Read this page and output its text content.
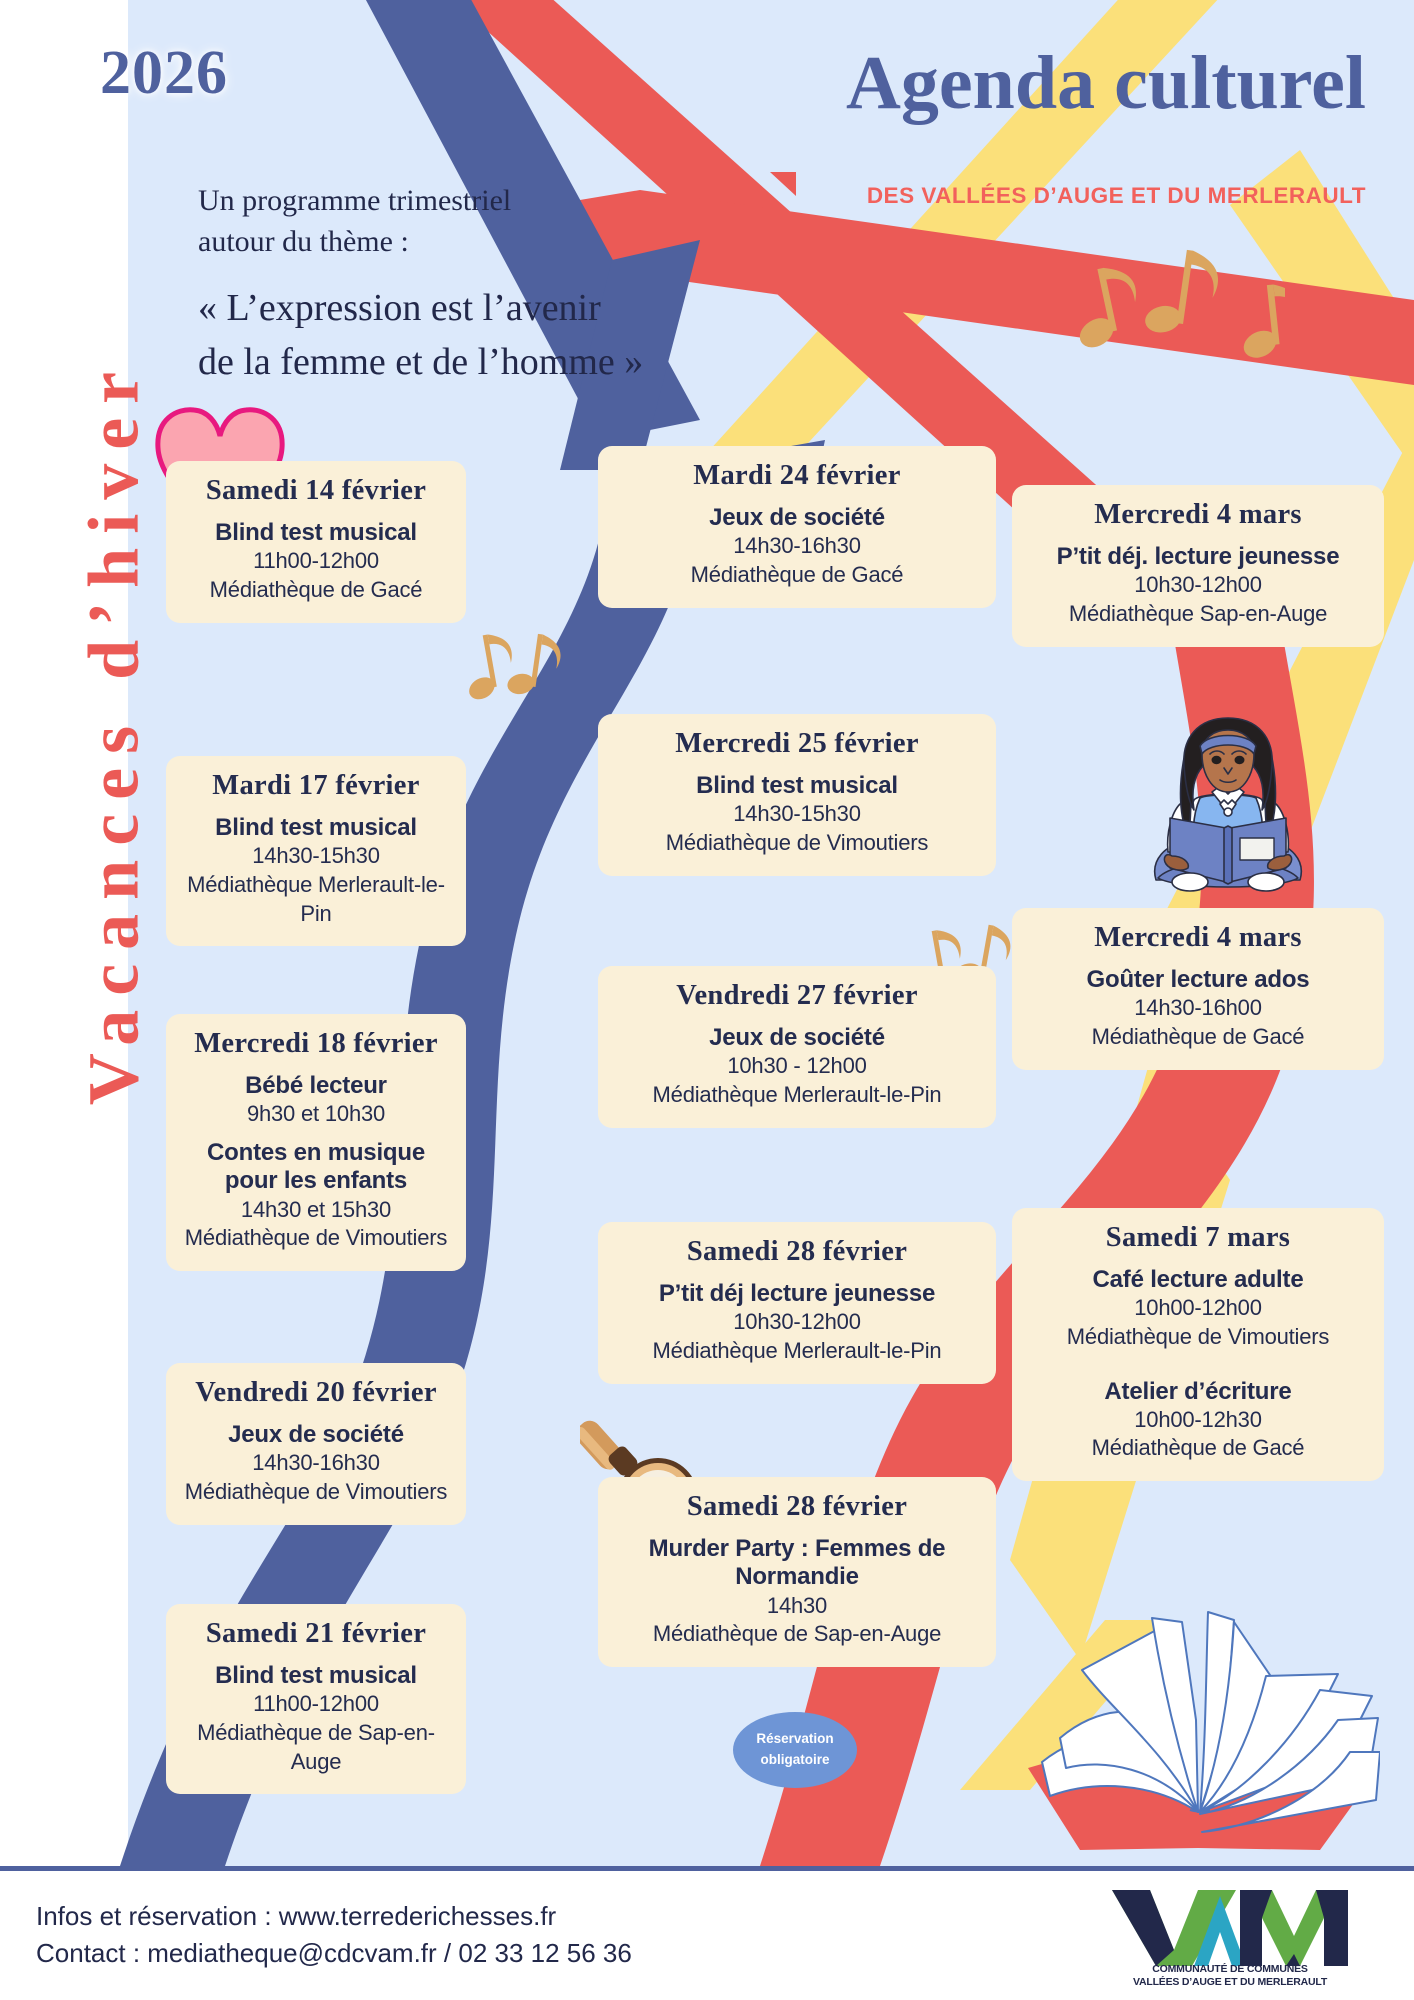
2026	Agenda culturel
DES VALLÉES D’AUGE ET DU MERLERAULT
Un programme trimestriel
autour du thème :
« L’expression est l’avenir
de la femme et de l’homme »
Vacances d’hiver	Samedi 14 février
Blind test musical
11h00-12h00
Médiathèque de Gacé
Mardi 17 février
Blind test musical
14h30-15h30
Médiathèque Merlerault-le-Pin
Mercredi 18 février
Bébé lecteur
9h30 et 10h30
Contes en musique pour les enfants
14h30 et 15h30
Médiathèque de Vimoutiers
Vendredi 20 février
Jeux de société
14h30-16h30
Médiathèque de Vimoutiers
Samedi 21 février
Blind test musical
11h00-12h00
Médiathèque de Sap-en-Auge
Mardi 24 février
Jeux de société
14h30-16h30
Médiathèque de Gacé
Mercredi 25 février
Blind test musical
14h30-15h30
Médiathèque de Vimoutiers
Vendredi 27 février
Jeux de société
10h30 - 12h00
Médiathèque Merlerault-le-Pin
Samedi 28 février
P’tit déj lecture jeunesse
10h30-12h00
Médiathèque Merlerault-le-Pin
Samedi 28 février
Murder Party : Femmes de Normandie
14h30
Médiathèque de Sap-en-Auge
Réservation
obligatoire
Mercredi 4 mars
P’tit déj. lecture jeunesse
10h30-12h00
Médiathèque Sap-en-Auge
Mercredi 4 mars
Goûter lecture ados
14h30-16h00
Médiathèque de Gacé
Samedi 7 mars
Café lecture adulte
10h00-12h00
Médiathèque de Vimoutiers
Atelier d’écriture
10h00-12h30
Médiathèque de Gacé
Infos et réservation : www.terrederichesses.fr
Contact : mediatheque@cdcvam.fr / 02 33 12 56 36
COMMUNAUTÉ DE COMMUNES
VALLÉES D’AUGE ET DU MERLERAULT
